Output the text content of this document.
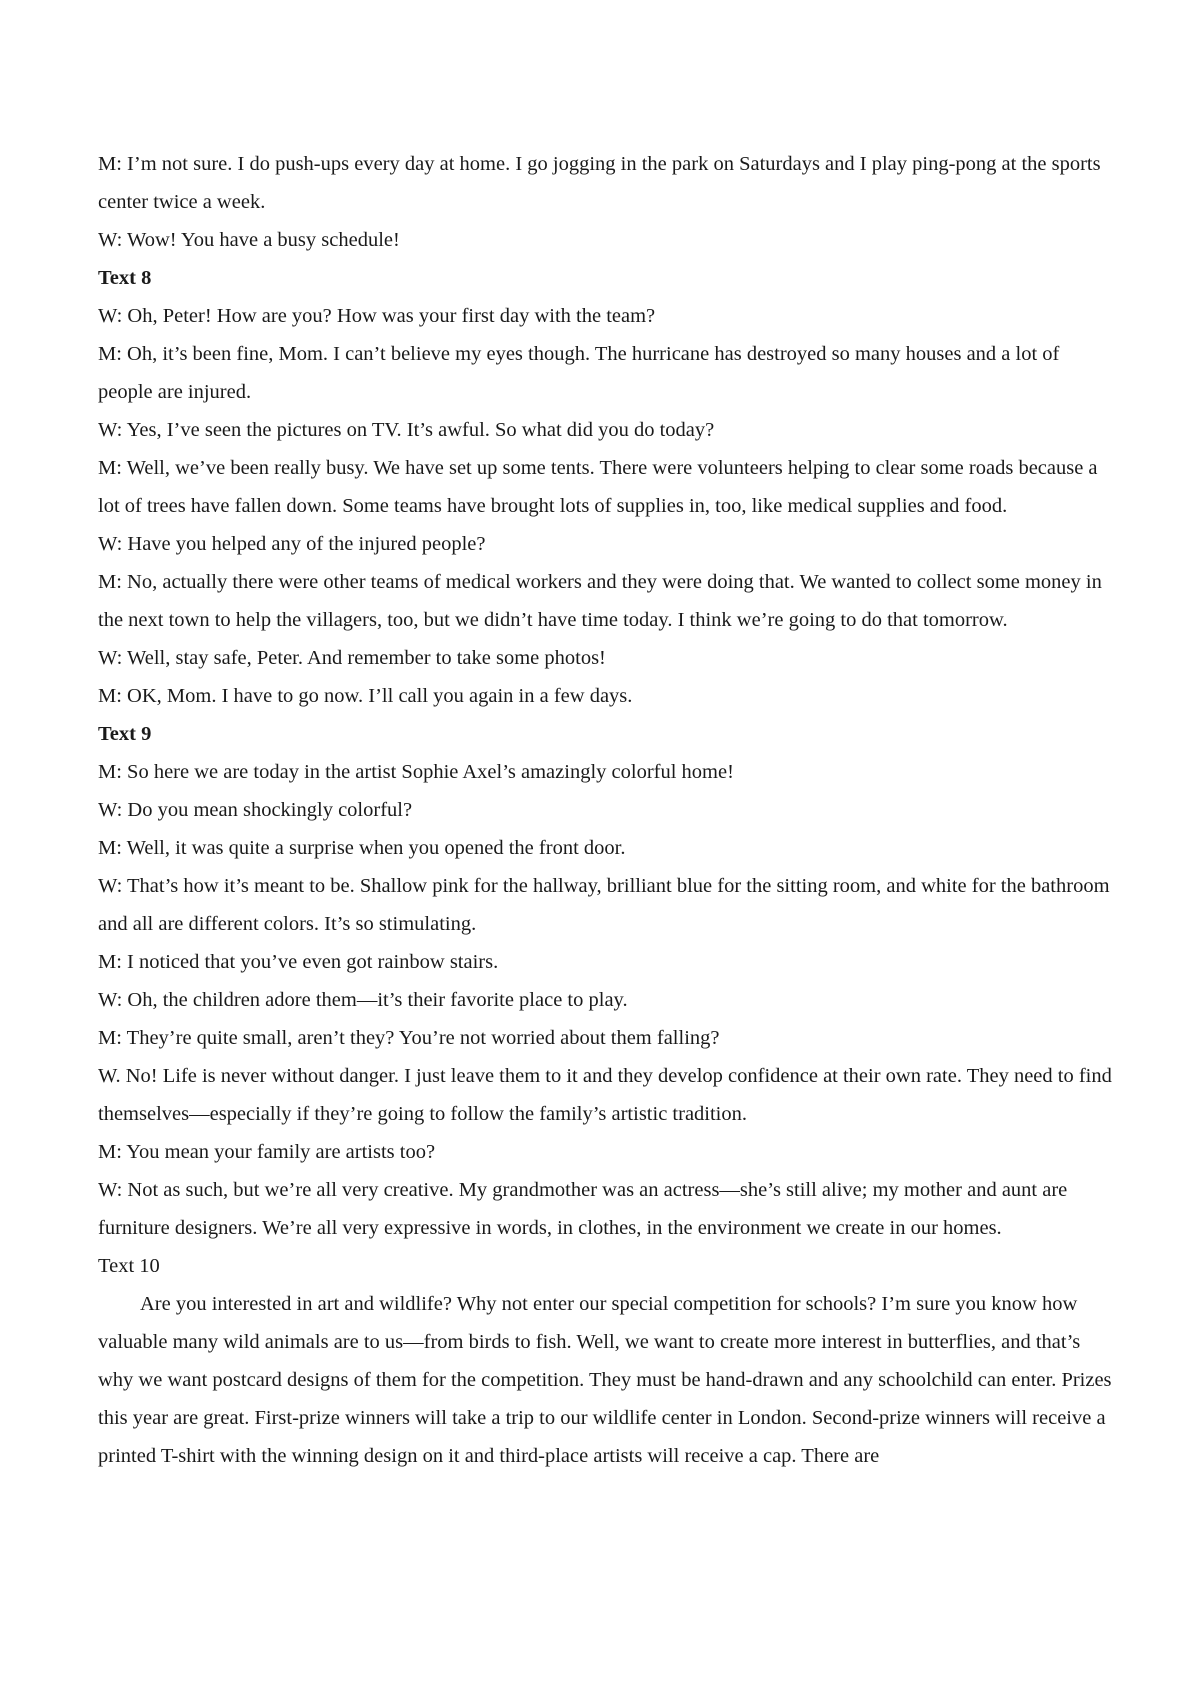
M: I’m not sure. I do push-ups every day at home. I go jogging in the park on Saturdays and I play ping-pong at the sports center twice a week.

W: Wow! You have a busy schedule!

Text 8

W: Oh, Peter! How are you? How was your first day with the team?

M: Oh, it’s been fine, Mom. I can’t believe my eyes though. The hurricane has destroyed so many houses and a lot of people are injured.

W: Yes, I’ve seen the pictures on TV. It’s awful. So what did you do today?

M: Well, we’ve been really busy. We have set up some tents. There were volunteers helping to clear some roads because a lot of trees have fallen down. Some teams have brought lots of supplies in, too, like medical supplies and food.

W: Have you helped any of the injured people?

M: No, actually there were other teams of medical workers and they were doing that. We wanted to collect some money in the next town to help the villagers, too, but we didn’t have time today. I think we’re going to do that tomorrow.

W: Well, stay safe, Peter. And remember to take some photos!

M: OK, Mom. I have to go now. I’ll call you again in a few days.

Text 9

M: So here we are today in the artist Sophie Axel’s amazingly colorful home!

W: Do you mean shockingly colorful?

M: Well, it was quite a surprise when you opened the front door.

W: That’s how it’s meant to be. Shallow pink for the hallway, brilliant blue for the sitting room, and white for the bathroom and all are different colors. It’s so stimulating.

M: I noticed that you’ve even got rainbow stairs.

W: Oh, the children adore them—it’s their favorite place to play.

M: They’re quite small, aren’t they? You’re not worried about them falling?

W. No! Life is never without danger. I just leave them to it and they develop confidence at their own rate. They need to find themselves—especially if they’re going to follow the family’s artistic tradition.

M: You mean your family are artists too?

W: Not as such, but we’re all very creative. My grandmother was an actress—she’s still alive; my mother and aunt are furniture designers. We’re all very expressive in words, in clothes, in the environment we create in our homes.

Text 10

Are you interested in art and wildlife? Why not enter our special competition for schools? I’m sure you know how valuable many wild animals are to us—from birds to fish. Well, we want to create more interest in butterflies, and that’s why we want postcard designs of them for the competition. They must be hand-drawn and any schoolchild can enter. Prizes this year are great. First-prize winners will take a trip to our wildlife center in London. Second-prize winners will receive a printed T-shirt with the winning design on it and third-place artists will receive a cap. There are
